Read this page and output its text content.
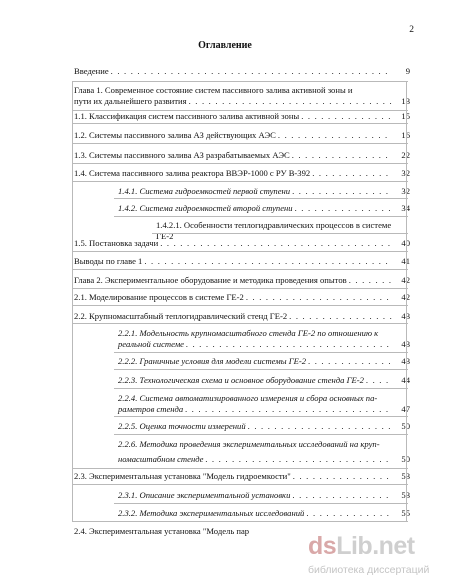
2
Оглавление
Введение . . .	9
Глава 1. Современное состояние систем пассивного залива активной зоны и
пути их дальнейшего развития . . .	13
1.1. Классификация систем пассивного залива активной зоны . . .	15
1.2. Системы пассивного залива АЗ действующих АЭС . . .	16
1.3. Системы пассивного залива АЗ разрабатываемых АЭС . . .	22
1.4. Система пассивного залива реактора ВВЭР-1000 с РУ В-392 . . .	32
1.4.1. Система гидроемкостей первой ступени . . .	32
1.4.2. Система гидроемкостей второй ступени . . .	34
1.4.2.1. Особенности теплогидравлических процессов в системе ГЕ-2
1.5. Постановка задачи . . .	40
Выводы по главе 1 . . .	41
Глава 2. Экспериментальное оборудование и методика проведения опытов . . .	42
2.1. Моделирование процессов в системе ГЕ-2 . . .	42
2.2. Крупномасштабный теплогидравлический стенд ГЕ-2 . . .	43
2.2.1. Модельность крупномасштабного стенда ГЕ-2 по отношению к
реальной системе . . .	43
2.2.2. Граничные условия для модели системы ГЕ-2 . . .	43
2.2.3. Технологическая схема и основное оборудование стенда ГЕ-2 . . .	44
2.2.4. Система автоматизированного измерения и сбора основных па-
раметров стенда . . .	47
2.2.5. Оценка точности измерений . . .	50
2.2.6. Методика проведения экспериментальных исследований на круп-
номасштабном стенде . . .	50
2.3. Экспериментальная установка "Модель гидроемкости" . . .	53
2.3.1. Описание экспериментальной установки . . .	53
2.3.2. Методика экспериментальных исследований . . .	55
2.4. Экспериментальная установка "Модель пар
dsLib.net
библиотека диссертаций
